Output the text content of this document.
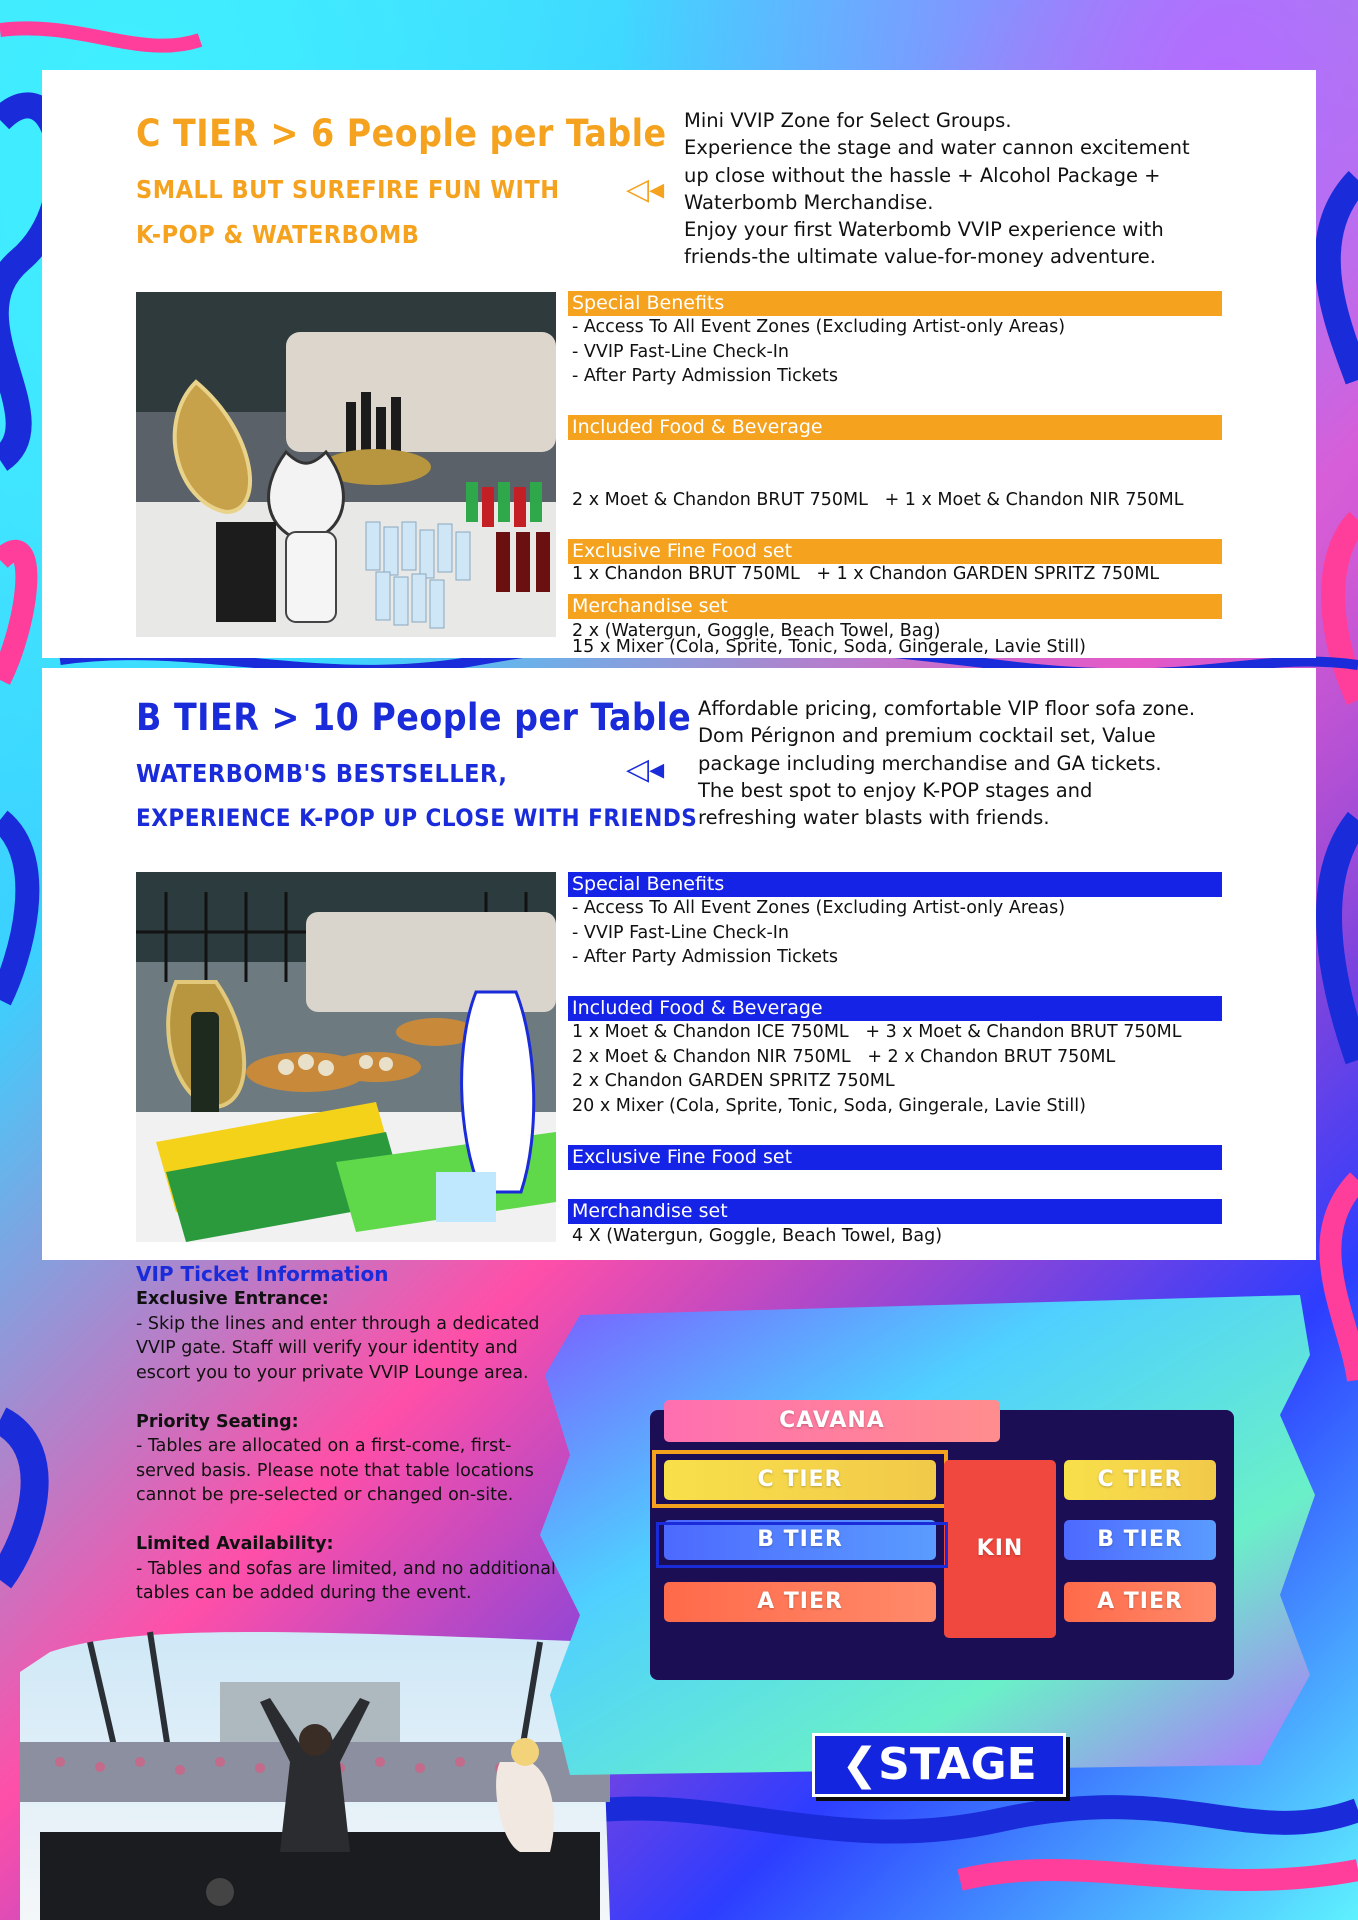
C TIER > 6 People per Table
SMALL BUT SUREFIRE FUN WITH
K-POP & WATERBOMB
◁◂
Mini VVIP Zone for Select Groups.
Experience the stage and water cannon excitement
up close without the hassle + Alcohol Package +
Waterbomb Merchandise.
Enjoy your first Waterbomb VVIP experience with
friends-the ultimate value-for-money adventure.
Special Benefits
- Access To All Event Zones (Excluding Artist-only Areas)
- VVIP Fast-Line Check-In
- After Party Admission Tickets
Included Food & Beverage

2 x Moet & Chandon BRUT 750ML   + 1 x Moet & Chandon NIR 750ML

1 x Chandon BRUT 750ML   + 1 x Chandon GARDEN SPRITZ 750ML

15 x Mixer (Cola, Sprite, Tonic, Soda, Gingerale, Lavie Still)

Exclusive Fine Food set
Merchandise set
2 x (Watergun, Goggle, Beach Towel, Bag)
B TIER > 10 People per Table
WATERBOMB'S BESTSELLER,
EXPERIENCE K-POP UP CLOSE WITH FRIENDS
◁◂
Affordable pricing, comfortable VIP floor sofa zone.
Dom Pérignon and premium cocktail set, Value
package including merchandise and GA tickets.
The best spot to enjoy K-POP stages and
refreshing water blasts with friends.
Special Benefits
- Access To All Event Zones (Excluding Artist-only Areas)
- VVIP Fast-Line Check-In
- After Party Admission Tickets
Included Food & Beverage
1 x Moet & Chandon ICE 750ML   + 3 x Moet & Chandon BRUT 750ML
2 x Moet & Chandon NIR 750ML   + 2 x Chandon BRUT 750ML
2 x Chandon GARDEN SPRITZ 750ML
20 x Mixer (Cola, Sprite, Tonic, Soda, Gingerale, Lavie Still)
Exclusive Fine Food set
Merchandise set
4 X (Watergun, Goggle, Beach Towel, Bag)

VIP Ticket Information

Exclusive Entrance:

- Skip the lines and enter through a dedicated VVIP gate. Staff will verify your identity and escort you to your private VVIP Lounge area.

Priority Seating:

- Tables are allocated on a first-come, first-served basis. Please note that table locations cannot be pre-selected or changed on-site.

Limited Availability:

- Tables and sofas are limited, and no additional tables can be added during the event.

CAVANA
C TIER
B TIER
A TIER
KIN
C TIER
B TIER
A TIER
❮STAGE
